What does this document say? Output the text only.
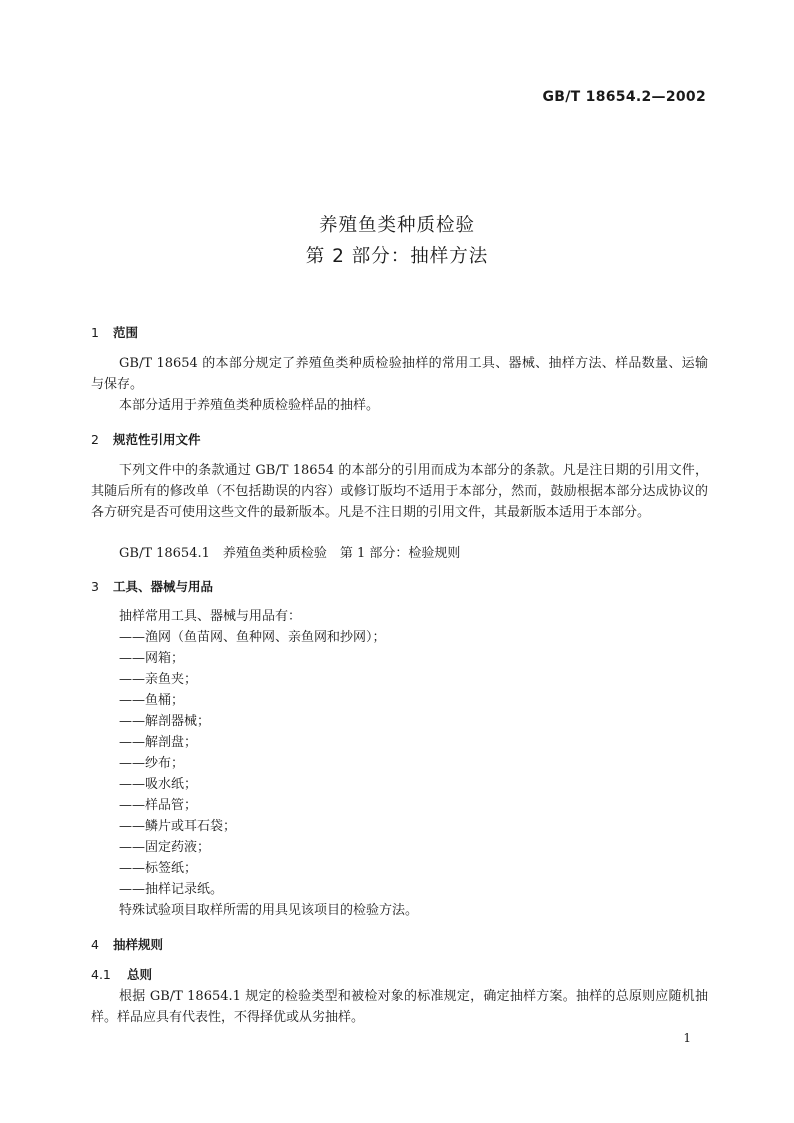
GB/T 18654.2—2002
养殖鱼类种质检验
第 2 部分：抽样方法
1 范围
GB/T 18654 的本部分规定了养殖鱼类种质检验抽样的常用工具、器械、抽样方法、样品数量、运输与保存。
本部分适用于养殖鱼类种质检验样品的抽样。
2 规范性引用文件
下列文件中的条款通过 GB/T 18654 的本部分的引用而成为本部分的条款。凡是注日期的引用文件，其随后所有的修改单（不包括勘误的内容）或修订版均不适用于本部分，然而，鼓励根据本部分达成协议的各方研究是否可使用这些文件的最新版本。凡是不注日期的引用文件，其最新版本适用于本部分。
GB/T 18654.1　养殖鱼类种质检验　第 1 部分：检验规则
3 工具、器械与用品
抽样常用工具、器械与用品有：
——渔网（鱼苗网、鱼种网、亲鱼网和抄网）；
——网箱；
——亲鱼夹；
——鱼桶；
——解剖器械；
——解剖盘；
——纱布；
——吸水纸；
——样品管；
——鳞片或耳石袋；
——固定药液；
——标签纸；
——抽样记录纸。
特殊试验项目取样所需的用具见该项目的检验方法。
4 抽样规则
4.1 总则
根据 GB/T 18654.1 规定的检验类型和被检对象的标准规定，确定抽样方案。抽样的总原则应随机抽样。样品应具有代表性，不得择优或从劣抽样。
1
